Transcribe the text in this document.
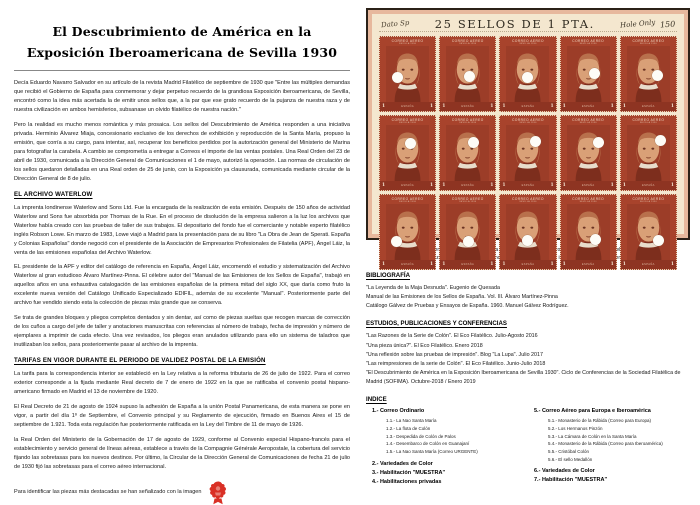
El Descubrimiento de América en la
Exposición Iberoamericana de Sevilla 1930

Decía Eduardo Navarro Salvador en su artículo de la revista Madrid Filatélico de septiembre de 1930 que "Entre las múltiples demandas que recibió el Gobierno de España para conmemorar y dejar perpetuo recuerdo de la grandiosa Exposición iberoamericana, de Sevilla, encontró como la idea más acertada la de emitir unos sellos que, a la par que ese grato recuerdo de la pujanza de nuestra raza y de nuestra civilización en ambos hemisferios, subsanase un olvido filatélico de nuestra nación."

Pero la realidad es mucho menos romántica y más prosaica. Los sellos del Descubrimiento de América responden a una iniciativa privada. Herminio Álvarez Miaja, concesionario exclusivo de los derechos de exhibición y reproducción de la Santa María, propuso la emisión, que corría a su cargo, para intentar, así, recuperar los beneficios perdidos por la autorización general del Ministerio de Marina para fotografiar la carabela. A cambio se comprometía a entregar a Correos el importe de las ventas postales. Una Real Orden del 23 de abril de 1930, comunicada a la Dirección General de Comunicaciones el 1 de mayo, autorizó la operación. Las normas de circulación de los sellos quedaron detalladas en una Real orden de 25 de junio, con la Exposición ya clausurada, comunicada mediante circular de la Dirección General de 8 de julio.

EL ARCHIVO WATERLOW

La imprenta londinense Waterlow and Sons Ltd. Fue la encargada de la realización de esta emisión. Después de 150 años de actividad Waterlow and Sons fue absorbida por Thomas de la Rue. En el proceso de disolución de la empresa salieron a la luz los archivos que Waterlow había creado con las pruebas de taller de sus trabajos. El depositario del fondo fue el comerciante y notable experto filatélico inglés Robson Lowe. En marzo de 1983, Lowe viajó a Madrid para la presentación para de su libro "La Obra de Jean de Sperati. España y Colonias Españolas" donde negoció con el presidente de la Asociación de Empresarios Profesionales de Filatelia (APF), Ángel Láiz, la venta de las emisiones españolas del Archivo Waterlow.

EL presidente de la APF y editor del catálogo de referencia en España, Ángel Láiz, encomendó el estudio y sistematización del Archivo Waterlow al gran estudioso Álvaro Martínez-Pinna. El célebre autor del "Manual de las Emisiones de los Sellos de España", trabajó en aquellos años en una exhaustiva catalogación de las emisiones españolas de la primera mitad del siglo XX, que daría como fruto la excelente nueva versión del Catálogo Unificado Especializado EDIFIL, además de su excelente "Manual". Posteriormente parte del archivo fue vendido siendo esta la colección de piezas más grande que se conserva.

Se trata de grandes bloques y pliegos completos dentados y sin dentar, así como de piezas sueltas que recogen marcas de corrección de los cuños a cargo del jefe de taller y anotaciones manuscritas con referencias al número de trabajo, fecha de impresión y número de ejemplares a imprimir de cada efecto. Una vez revisados, los pliegos eran anulados utilizando para ello un sistema de taladros que inutilizaban los sellos, para posteriormente pasar al archivo de la imprenta.

TARIFAS EN VIGOR DURANTE EL PERIODO DE VALIDEZ POSTAL DE LA EMISIÓN

La tarifa para la correspondencia interior se estableció en la Ley relativa a la reforma tributaria de 26 de julio de 1922. Para el correo exterior corresponde a la fijada mediante Real decreto de 7 de enero de 1922 en la que se ratificaba el convenio postal hispano-americano firmado en Madrid el 13 de noviembre de 1920.

El Real Decreto de 21 de agosto de 1924 supuso la adhesión de España a la unión Postal Panamericana, de esta manera se pone en vigor, a partir del día 1º de Septiembre, el Convenio principal y su Reglamento de ejecución, firmado en Buenos Aires el 15 de septiembre de 1.921. Toda esta regulación fue posteriormente ratificada en la Ley del Timbre de 11 de mayo de 1926.

la Real Orden del Ministerio de la Gobernación de 17 de agosto de 1929, conforme al Convenio especial Hispano-francés para el establecimiento y servicio general de líneas aéreas, establece a través de la Compagnie Générale Aeropostale, la cobertura del servicio fijando las sobretasas para los nuevos destinos. Por último, la Circular de la Dirección General de Comunicaciones de fecha 21 de julio de 1930 fijó las sobretasas para el correo aéreo internacional.

Para identificar las piezas más destacadas se han señalizado con la imagen
Dato Sp	25 SELLOS DE 1 PTA.	Hole Only 150
CORREO AEREO
SEVILLA 1930
1	ESPAÑA	1
CORREO AEREO
SEVILLA 1930
1	ESPAÑA	1
CORREO AEREO
SEVILLA 1930
1	ESPAÑA	1
CORREO AEREO
SEVILLA 1930
1	ESPAÑA	1
CORREO AEREO
SEVILLA 1930
1	ESPAÑA	1
CORREO AEREO
SEVILLA 1930
1	ESPAÑA	1
CORREO AEREO
SEVILLA 1930
1	ESPAÑA	1
CORREO AEREO
SEVILLA 1930
1	ESPAÑA	1
CORREO AEREO
SEVILLA 1930
1	ESPAÑA	1
CORREO AEREO
SEVILLA 1930
1	ESPAÑA	1
CORREO AEREO
SEVILLA 1930
1	ESPAÑA	1
CORREO AEREO
SEVILLA 1930
1	ESPAÑA	1
CORREO AEREO
SEVILLA 1930
1	ESPAÑA	1
CORREO AEREO
SEVILLA 1930
1	ESPAÑA	1
CORREO AEREO
SEVILLA 1930
1	ESPAÑA	1
del Waterlow)
BIBLIOGRAFÍA
"La Leyenda de la Maja Desnuda". Eugenio de Quesada
Manual de las Emisiones de los Sellos de España. Vol. III. Álvaro Martínez-Pinna
Catálogo Gálvez de Pruebas y Ensayos de España. 1960. Manuel Gálvez Rodríguez.
ESTUDIOS, PUBLICACIONES Y CONFERENCIAS
"Las Razones de la Serie de Colón". El Eco Filatélico. Julio-Agosto 2016
"Una pieza única?". El Eco Filatélico. Enero 2018
"Una reflexión sobre las pruebas de impresión". Blog "La Lupa". Julio 2017
"Las reimpresiones de la serie de Colón". El Eco Filatélico. Junio-Julio 2018
"El Descubrimiento de América en la Exposición Iberoamericana de Sevilla 1930". Ciclo de Conferencias de la Sociedad Filatélica de Madrid (SOFIMA). Octubre-2018 / Enero 2019
INDICE
1.- Correo Ordinario
1.1.- La Nao Santa María
1.2.- La flota de Colón
1.3.- Despedida de Colón de Palos
1.4.- Desembarco de Colón en Guanajaní
1.5.- La Nao Santa María (Correo URGENTE)
2.- Variedades de Color
3.- Habilitación "MUESTRA"
4.- Habilitaciones privadas
5.- Correo Aéreo para Europa e Iberoamérica
5.1.- Monasterio de la Rábida (Correo para Europa)
5.2.- Los Hermanos Pinzón
5.3.- La Cámara de Colón en la Santa María
5.4.- Monasterio de la Rábida (Correo para Iberoamérica)
5.5.- Cristóbal Colón
5.6.- El sello Medallón
6.- Variedades de Color
7.- Habilitación "MUESTRA"
